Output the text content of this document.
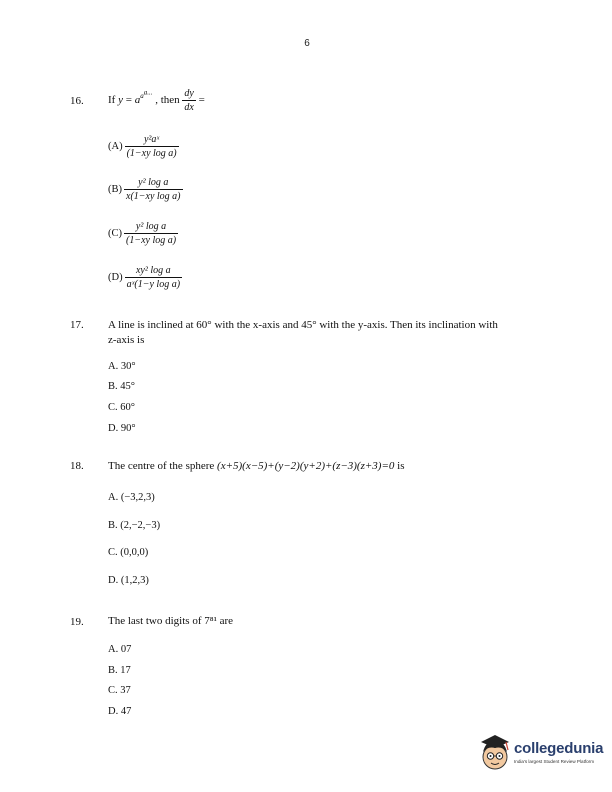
6
16. If $y = a^{a^{a...}}$ , then $\frac{dy}{dx}$ =
$(A) \frac{\text{y²aˣ}}{\text{(1−xy log a)}}$
$(B) \frac{\text{y² log a}}{\text{x(1−xy log a)}}$
$(C) \frac{\text{y² log a}}{\text{(1−xy log a)}}$
$(D) \frac{\text{xy² log a}}{\text{aˣ(1−y log a)}}$
17. A line is inclined at 60° with the x-axis and 45° with the y-axis. Then its inclination with
z-axis is
A. 30°
B. 45°
C. 60°
D. 90°
18. The centre of the sphere (x+5)(x−5)+(y−2)(y+2)+(z−3)(z+3)=0 is
A. (−3,2,3)
B. (2,−2,−3)
C. (0,0,0)
D. (1,2,3)
19. The last two digits of 7⁸¹ are
A. 07
B. 17
C. 37
D. 47
collegedunia
India's largest Student Review Platform
